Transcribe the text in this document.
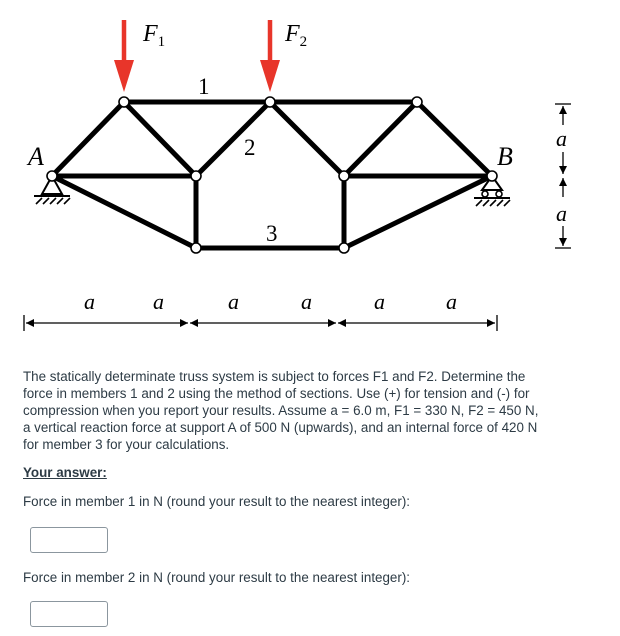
$F_1$	$F_2$
1
2
3
A	B
a	a	a	a	a	a
a
a

The statically determinate truss system is subject to forces F1 and F2. Determine the force in members 1 and 2 using the method of sections. Use (+) for tension and (-) for compression when you report your results. Assume a = 6.0 m, F1 = 330 N, F2 = 450 N, a vertical reaction force at support A of 500 N (upwards), and an internal force of 420 N for member 3 for your calculations.

Your answer:

Force in member 1 in N (round your result to the nearest integer):

Force in member 2 in N (round your result to the nearest integer):
